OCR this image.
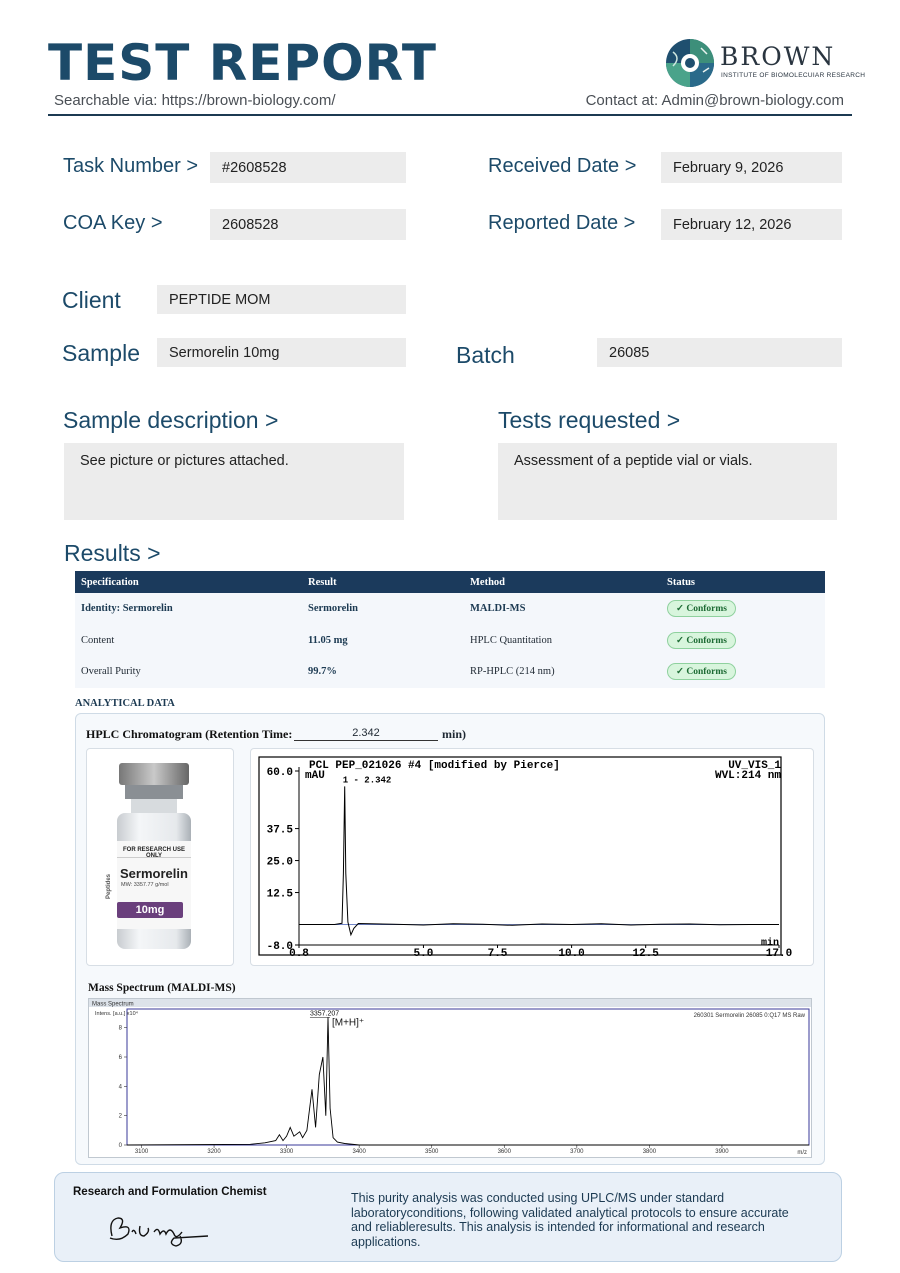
TEST REPORT
Searchable via: https://brown-biology.com/	Contact at: Admin@brown-biology.com
BROWN
INSTITUTE OF BIOMOLECUIAR RESEARCH
Task Number >	#2608528	Received Date >	February 9, 2026
COA Key >	2608528	Reported Date >	February 12, 2026
Client	PEPTIDE MOM
Sample	Sermorelin 10mg	Batch	26085
Sample description >
See picture or pictures attached.
Tests requested >
Assessment of a peptide vial or vials.
Results >
Specification	Result	Method	Status
Identity: Sermorelin	Sermorelin	MALDI-MS	✓ Conforms
Content	11.05 mg	HPLC Quantitation	✓ Conforms
Overall Purity	99.7%	RP-HPLC (214 nm)	✓ Conforms
ANALYTICAL DATA
HPLC Chromatogram (Retention Time:	2.342	min)
FOR RESEARCH USE ONLY
Sermorelin
MW: 3357.77 g/mol
10mg
Peptides
PCL PEP_021026 #4 [modified by Pierce]	UV_VIS_1
WVL:214 nm
mAU
min
1 - 2.342
60.0
37.5
25.0
12.5
-8.0
0.8	5.0	7.5	10.0	12.5	17.0
Mass Spectrum (MALDI-MS)
Mass Spectrum
Intens. [a.u.] x10⁴	260301 Sermorelin 26085 0:Q17 MS Raw
m/z
3357.207
[M+H]⁺
0
2
4
6
8
3100	3200	3300	3400	3500	3600	3700	3800	3900
Research and Formulation Chemist	This purity analysis was conducted using UPLC/MS under standard laboratoryconditions, following validated analytical protocols to ensure accurate and reliableresults. This analysis is intended for informational and research applications.
